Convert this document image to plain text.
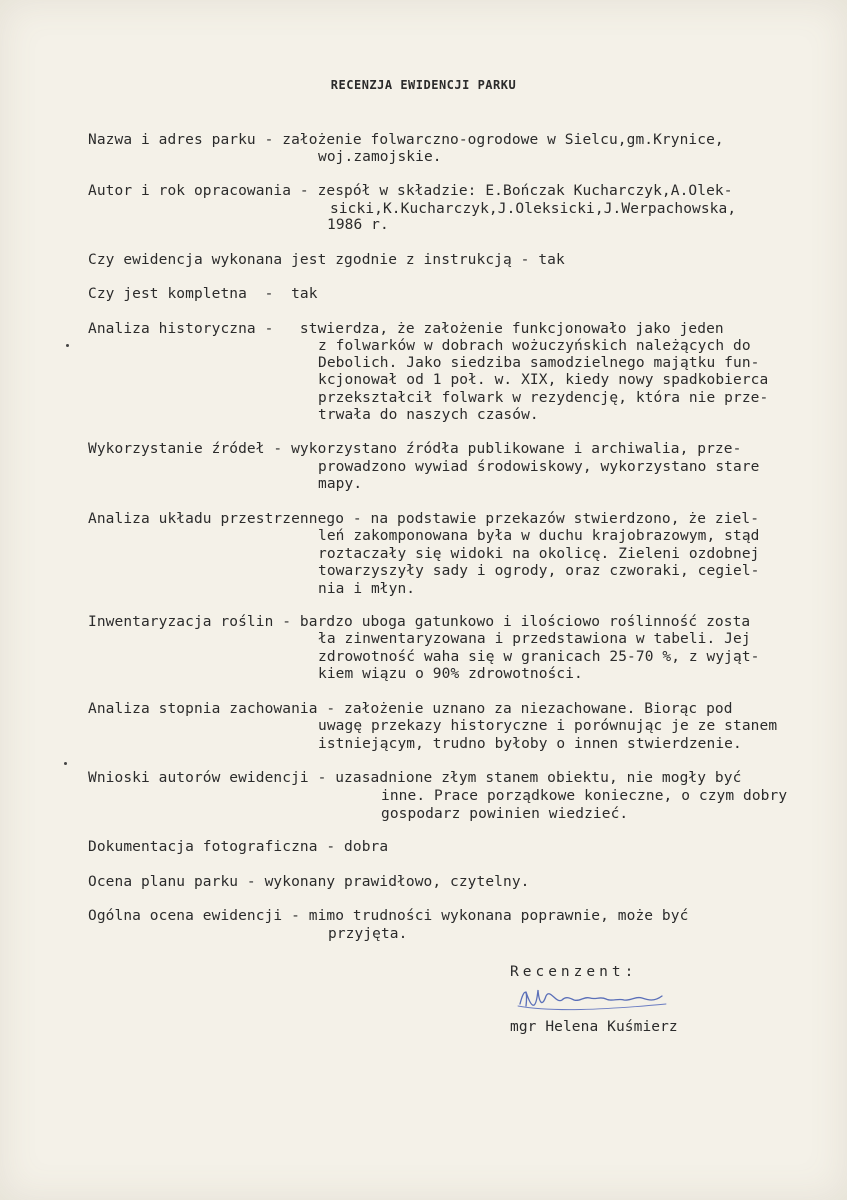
RECENZJA EWIDENCJI PARKU
Nazwa i adres parku - założenie folwarczno-ogrodowe w Sielcu,gm.Krynice,
woj.zamojskie.
Autor i rok opracowania - zespół w składzie: E.Bończak Kucharczyk,A.Olek-
sicki,K.Kucharczyk,J.Oleksicki,J.Werpachowska,
1986 r.
Czy ewidencja wykonana jest zgodnie z instrukcją - tak
Czy jest kompletna  -  tak
Analiza historyczna -   stwierdza, że założenie funkcjonowało jako jeden
z folwarków w dobrach wożuczyńskich należących do
Debolich. Jako siedziba samodzielnego majątku fun-
kcjonował od 1 poł. w. XIX, kiedy nowy spadkobierca
przekształcił folwark w rezydencję, która nie prze-
trwała do naszych czasów.
Wykorzystanie źródeł - wykorzystano źródła publikowane i archiwalia, prze-
prowadzono wywiad środowiskowy, wykorzystano stare
mapy.
Analiza układu przestrzennego - na podstawie przekazów stwierdzono, że ziel-
leń zakomponowana była w duchu krajobrazowym, stąd
roztaczały się widoki na okolicę. Zieleni ozdobnej
towarzyszyły sady i ogrody, oraz czworaki, cegiel-
nia i młyn.
Inwentaryzacja roślin - bardzo uboga gatunkowo i ilościowo roślinność zosta
ła zinwentaryzowana i przedstawiona w tabeli. Jej
zdrowotność waha się w granicach 25-70 %, z wyjąt-
kiem wiązu o 90% zdrowotności.
Analiza stopnia zachowania - założenie uznano za niezachowane. Biorąc pod
uwagę przekazy historyczne i porównując je ze stanem
istniejącym, trudno byłoby o innen stwierdzenie.
Wnioski autorów ewidencji - uzasadnione złym stanem obiektu, nie mogły być
inne. Prace porządkowe konieczne, o czym dobry
gospodarz powinien wiedzieć.
Dokumentacja fotograficzna - dobra
Ocena planu parku - wykonany prawidłowo, czytelny.
Ogólna ocena ewidencji - mimo trudności wykonana poprawnie, może być
przyjęta.
Recenzent:
mgr Helena Kuśmierz
